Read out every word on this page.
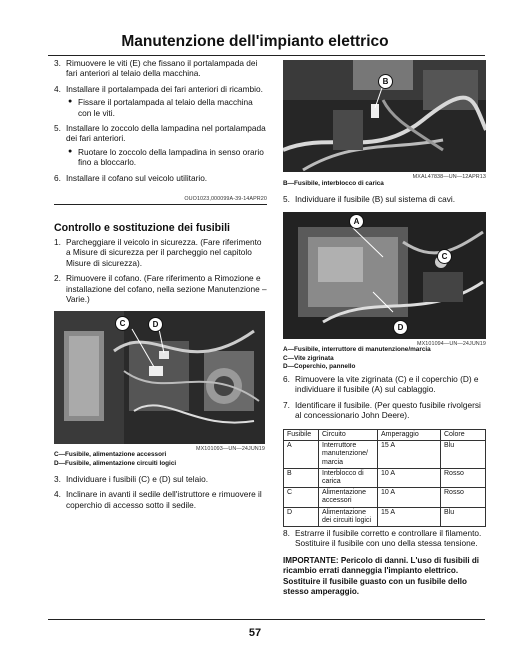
Manutenzione dell'impianto elettrico
3. Rimuovere le viti (E) che fissano il portalampada dei fari anteriori al telaio della macchina.
4. Installare il portalampada dei fari anteriori di ricambio.
● Fissare il portalampada al telaio della macchina con le viti.
5. Installare lo zoccolo della lampadina nel portalampada dei fari anteriori.
● Ruotare lo zoccolo della lampadina in senso orario fino a bloccarlo.
6. Installare il cofano sul veicolo utilitario.
OUO1023,000099A-39-14APR20
Controllo e sostituzione dei fusibili
1. Parcheggiare il veicolo in sicurezza. (Fare riferimento a Misure di sicurezza per il parcheggio nel capitolo Misure di sicurezza).
2. Rimuovere il cofano. (Fare riferimento a Rimozione e installazione del cofano, nella sezione Manutenzione – Varie.)
C	D
MX101093—UN—24JUN19
C—Fusibile, alimentazione accessori
D—Fusibile, alimentazione circuiti logici
3. Individuare i fusibili (C) e (D) sul telaio.
4. Inclinare in avanti il sedile dell'istruttore e rimuovere il coperchio di accesso sotto il sedile.
B
MXAL47838—UN—12APR13
B—Fusibile, interblocco di carica
5. Individuare il fusibile (B) sul sistema di cavi.
A
C
D
MX101094—UN—24JUN19
A—Fusibile, interruttore di manutenzione/marcia
C—Vite zigrinata
D—Coperchio, pannello
6. Rimuovere la vite zigrinata (C) e il coperchio (D) e individuare il fusibile (A) sul cablaggio.
7. Identificare il fusibile. (Per questo fusibile rivolgersi al concessionario John Deere).
Fusibile	Circuito	Amperaggio	Colore
A	Interruttore manutenzione/ marcia	15 A	Blu
B	Interblocco di carica	10 A	Rosso
C	Alimentazione accessori	10 A	Rosso
D	Alimentazione dei circuiti logici	15 A	Blu
8. Estrarre il fusibile corretto e controllare il filamento. Sostituire il fusibile con uno della stessa tensione.
IMPORTANTE: Pericolo di danni. L'uso di fusibili di ricambio errati danneggia l'impianto elettrico. Sostituire il fusibile guasto con un fusibile dello stesso amperaggio.
57
